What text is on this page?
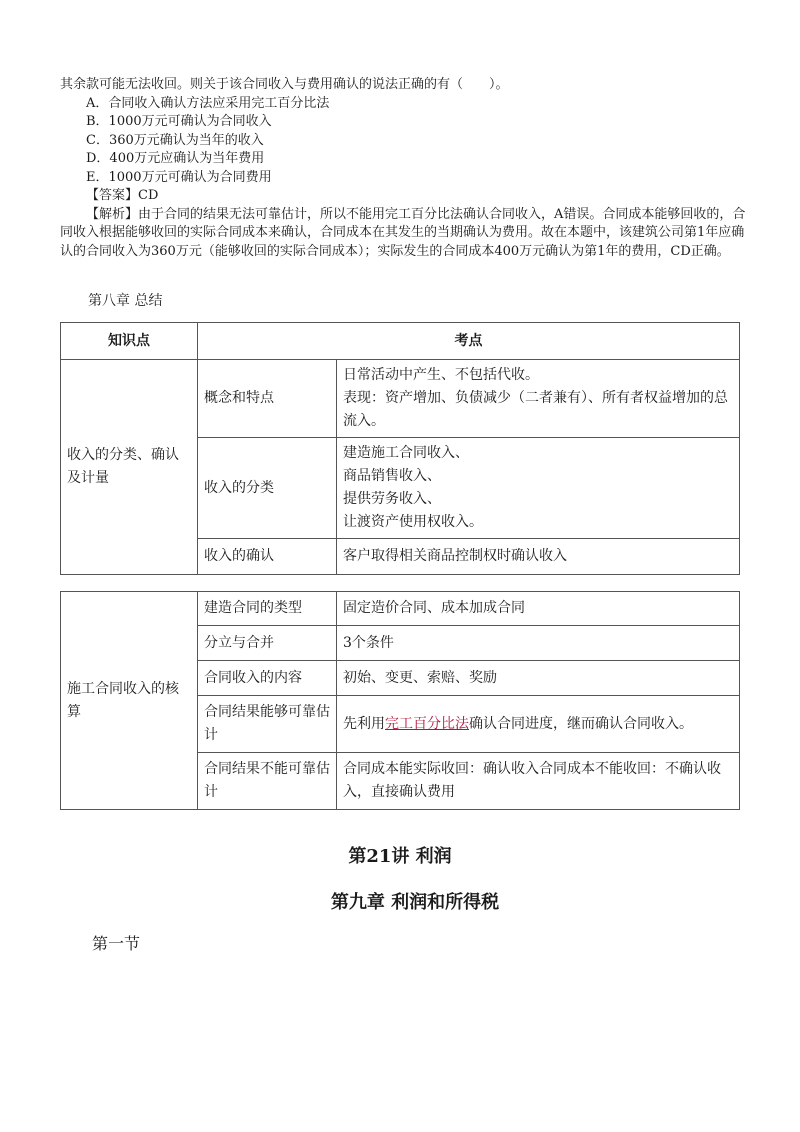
其余款可能无法收回。则关于该合同收入与费用确认的说法正确的有（　　）。

A．合同收入确认方法应采用完工百分比法

B．1000万元可确认为合同收入

C．360万元确认为当年的收入

D．400万元应确认为当年费用

E．1000万元可确认为合同费用

【答案】CD

【解析】由于合同的结果无法可靠估计，所以不能用完工百分比法确认合同收入，A错误。合同成本能够回收的，合同收入根据能够收回的实际合同成本来确认，合同成本在其发生的当期确认为费用。故在本题中，该建筑公司第1年应确认的合同收入为360万元（能够收回的实际合同成本）；实际发生的合同成本400万元确认为第1年的费用，CD正确。

第八章 总结
知识点	考点	
收入的分类、确认及计量	概念和特点	日常活动中产生、不包括代收。
表现：资产增加、负债减少（二者兼有）、所有者权益增加的总流入。

	收入的分类	建造施工合同收入、
商品销售收入、
提供劳务收入、
让渡资产使用权收入。

	收入的确认	客户取得相关商品控制权时确认收入
施工合同收入的核算	建造合同的类型	固定造价合同、成本加成合同
	分立与合并	3个条件
	合同收入的内容	初始、变更、索赔、奖励
	合同结果能够可靠估计	先利用完工百分比法确认合同进度，继而确认合同收入。
	合同结果不能可靠估计	合同成本能实际收回：确认收入合同成本不能收回：不确认收入，直接确认费用
第21讲 利润
第九章 利润和所得税
第一节
